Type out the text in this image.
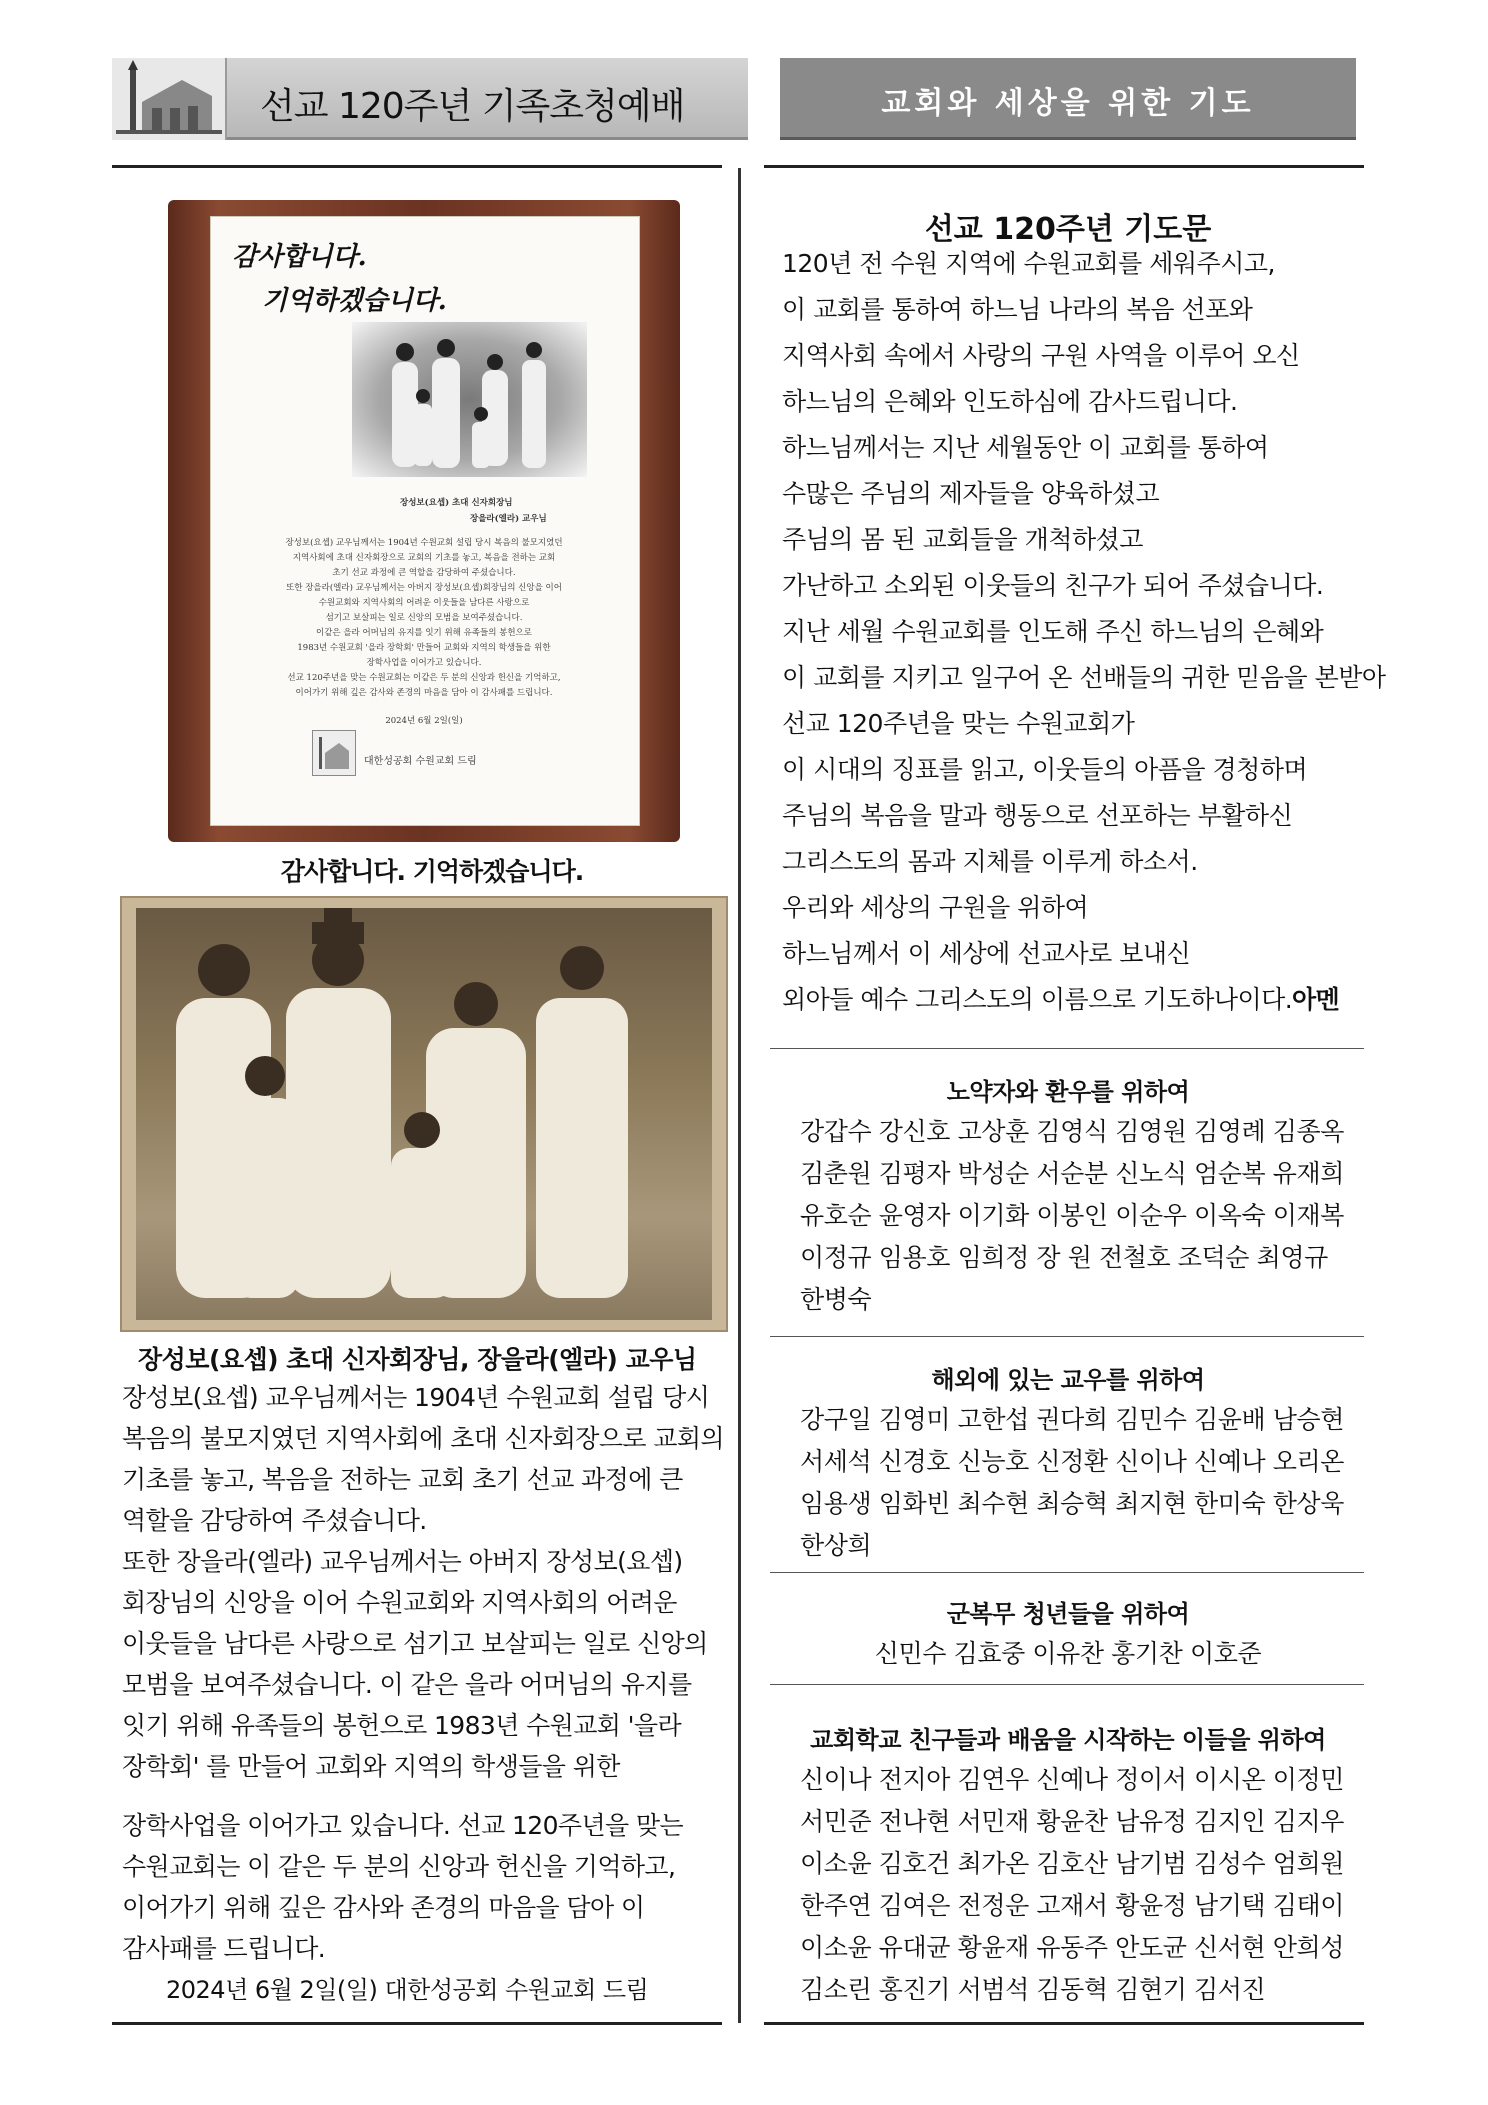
선교 120주년 기족초청예배	교회와 세상을 위한 기도
감사합니다.
기억하겠습니다.
장성보(요셉) 초대 신자회장님
장을라(엘라) 교우님
장성보(요셉) 교우님께서는 1904년 수원교회 설립 당시 복음의 불모지였던
지역사회에 초대 신자회장으로 교회의 기초를 놓고, 복음을 전하는 교회
초기 선교 과정에 큰 역할을 감당하여 주셨습니다.
또한 장을라(엘라) 교우님께서는 아버지 장성보(요셉)회장님의 신앙을 이어
수원교회와 지역사회의 어려운 이웃들을 남다른 사랑으로
섬기고 보살피는 일로 신앙의 모범을 보여주셨습니다.
이같은 을라 어머님의 유지를 잇기 위해 유족들의 봉헌으로
1983년 수원교회 '을라 장학회' 만들어 교회와 지역의 학생들을 위한
장학사업을 이어가고 있습니다.
선교 120주년을 맞는 수원교회는 이같은 두 분의 신앙과 헌신을 기억하고,
이어가기 위해 깊은 감사와 존경의 마음을 담아 이 감사패를 드립니다.
2024년 6월 2일(일)
대한성공회 수원교회 드림
감사합니다. 기억하겠습니다.
장성보(요셉) 초대 신자회장님, 장을라(엘라) 교우님
장성보(요셉) 교우님께서는 1904년 수원교회 설립 당시
복음의 불모지였던 지역사회에 초대 신자회장으로 교회의
기초를 놓고, 복음을 전하는 교회 초기 선교 과정에 큰
역할을 감당하여 주셨습니다.
또한 장을라(엘라) 교우님께서는 아버지 장성보(요셉)
회장님의 신앙을 이어 수원교회와 지역사회의 어려운
이웃들을 남다른 사랑으로 섬기고 보살피는 일로 신앙의
모범을 보여주셨습니다. 이 같은 을라 어머님의 유지를
잇기 위해 유족들의 봉헌으로 1983년 수원교회 '을라
장학회' 를 만들어 교회와 지역의 학생들을 위한
장학사업을 이어가고 있습니다. 선교 120주년을 맞는
수원교회는 이 같은 두 분의 신앙과 헌신을 기억하고,
이어가기 위해 깊은 감사와 존경의 마음을 담아 이
감사패를 드립니다.
2024년 6월 2일(일) 대한성공회 수원교회 드림
선교 120주년 기도문
120년 전 수원 지역에 수원교회를 세워주시고,
이 교회를 통하여 하느님 나라의 복음 선포와
지역사회 속에서 사랑의 구원 사역을 이루어 오신
하느님의 은혜와 인도하심에 감사드립니다.
하느님께서는 지난 세월동안 이 교회를 통하여
수많은 주님의 제자들을 양육하셨고
주님의 몸 된 교회들을 개척하셨고
가난하고 소외된 이웃들의 친구가 되어 주셨습니다.
지난 세월 수원교회를 인도해 주신 하느님의 은혜와
이 교회를 지키고 일구어 온 선배들의 귀한 믿음을 본받아
선교 120주년을 맞는 수원교회가
이 시대의 징표를 읽고, 이웃들의 아픔을 경청하며
주님의 복음을 말과 행동으로 선포하는 부활하신
그리스도의 몸과 지체를 이루게 하소서.
우리와 세상의 구원을 위하여
하느님께서 이 세상에 선교사로 보내신
외아들 예수 그리스도의 이름으로 기도하나이다. 아멘
노약자와 환우를 위하여
강갑수 강신호 고상훈 김영식 김영원 김영례 김종옥
김춘원 김평자 박성순 서순분 신노식 엄순복 유재희
유호순 윤영자 이기화 이봉인 이순우 이옥숙 이재복
이정규 임용호 임희정 장 원 전철호 조덕순 최영규
한병숙
해외에 있는 교우를 위하여
강구일 김영미 고한섭 권다희 김민수 김윤배 남승현
서세석 신경호 신능호 신정환 신이나 신예나 오리온
임용생 임화빈 최수현 최승혁 최지현 한미숙 한상욱
한상희
군복무 청년들을 위하여
신민수 김효중 이유찬 홍기찬 이호준
교회학교 친구들과 배움을 시작하는 이들을 위하여
신이나 전지아 김연우 신예나 정이서 이시온 이정민
서민준 전나현 서민재 황윤찬 남유정 김지인 김지우
이소윤 김호건 최가온 김호산 남기범 김성수 엄희원
한주연 김여은 전정운 고재서 황윤정 남기택 김태이
이소윤 유대균 황윤재 유동주 안도균 신서현 안희성
김소린 홍진기 서범석 김동혁 김현기 김서진
